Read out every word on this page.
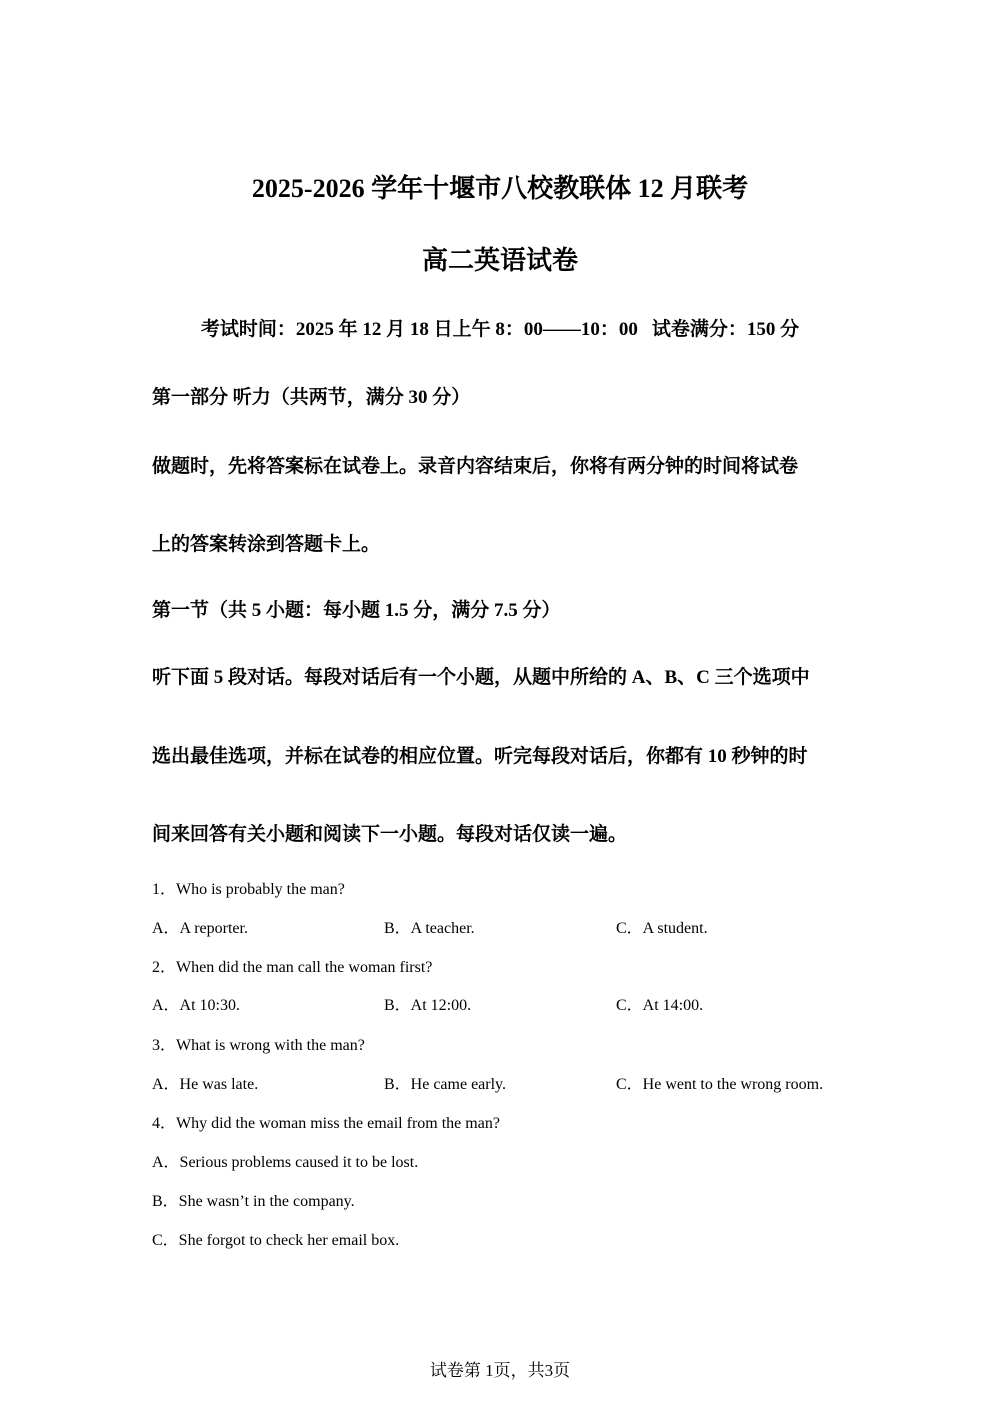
2025-2026 学年十堰市八校教联体 12 月联考
高二英语试卷
考试时间：2025 年 12 月 18 日上午 8：00——10：00 试卷满分：150 分
第一部分 听力（共两节，满分 30 分）
做题时，先将答案标在试卷上。录音内容结束后，你将有两分钟的时间将试卷
上的答案转涂到答题卡上。
第一节（共 5 小题：每小题 1.5 分，满分 7.5 分）
听下面 5 段对话。每段对话后有一个小题，从题中所给的 A、B、C 三个选项中
选出最佳选项，并标在试卷的相应位置。听完每段对话后，你都有 10 秒钟的时
间来回答有关小题和阅读下一小题。每段对话仅读一遍。
1．Who is probably the man?
A．A reporter.	B．A teacher.	C．A student.
2．When did the man call the woman first?
A．At 10:30.	B．At 12:00.	C．At 14:00.
3．What is wrong with the man?
A．He was late.	B．He came early.	C．He went to the wrong room.
4．Why did the woman miss the email from the man?
A．Serious problems caused it to be lost.
B．She wasn’t in the company.
C．She forgot to check her email box.
试卷第 1页，共3页
